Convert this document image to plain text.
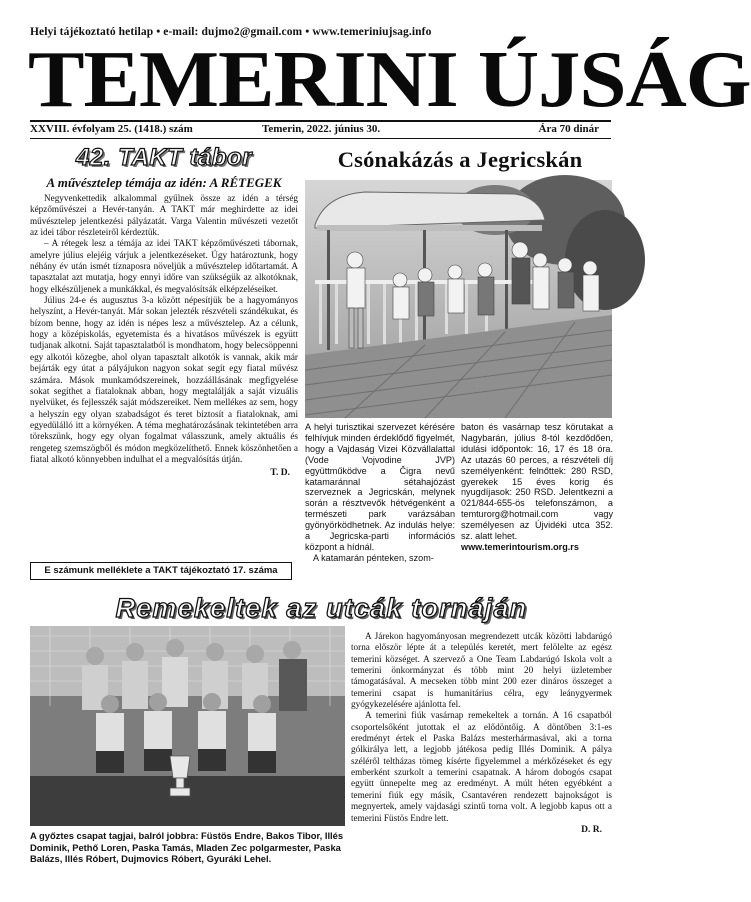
Helyi tájékoztató hetilap • e-mail: dujmo2@gmail.com • www.temeriniujsag.info
TEMERINI ÚJSÁG
XXVIII. évfolyam 25. (1418.) szám	Temerin, 2022. június 30.	Ára 70 dinár
42. TAKT tábor
A művésztelep témája az idén: A RÉTEGEK

Negyvenkettedik alkalommal gyűlnek össze az idén a térség képzőművészei a Hevér-tanyán. A TAKT már meghirdette az idei művésztelep jelentkezési pályázatát. Varga Valentin művészeti vezetőt az idei tábor részleteiről kérdeztük.

– A rétegek lesz a témája az idei TAKT képzőművészeti tábornak, amelyre július elejéig várjuk a jelentkezéseket. Úgy határoztunk, hogy néhány év után ismét tíznaposra növeljük a művésztelep időtartamát. A tapasztalat azt mutatja, hogy ennyi időre van szükségük az alkotóknak, hogy elkészüljenek a munkákkal, és megvalósítsák elképzeléseiket.

Július 24-e és augusztus 3-a között népesítjük be a hagyományos helyszínt, a Hevér-tanyát. Már sokan jelezték részvételi szándékukat, és bízom benne, hogy az idén is népes lesz a művésztelep. Az a célunk, hogy a középiskolás, egyetemista és a hivatásos művészek is együtt tudjanak alkotni. Saját tapasztalatból is mondhatom, hogy belecsöppenni egy alkotói közegbe, ahol olyan tapasztalt alkotók is vannak, akik már bejárták egy útat a pályájukon nagyon sokat segít egy fiatal művész számára. Mások munkamódszereinek, hozzáállásának megfigyelése sokat segíthet a fiataloknak abban, hogy megtalálják a saját vizuális nyelvüket, és fejlesszék saját módszereiket. Nem mellékes az sem, hogy a helyszín egy olyan szabadságot és teret biztosít a fiataloknak, ami egyedülálló itt a környéken. A téma meghatározásának tekintetében arra törekszünk, hogy egy olyan fogalmat válasszunk, amely aktuális és rengeteg szemszögből és módon megközelíthető. Ennek köszönhetően a fiatal alkotó könnyebben indulhat el a megvalósítás útján.

T. D.
E számunk melléklete a TAKT tájékoztató 17. száma
Csónakázás a Jegricskán
A helyi turisztikai szervezet kérésére felhívjuk minden érdeklődő figyelmét, hogy a Vajdaság Vizei Közvállalattal (Vode Vojvodine JVP) együttműködve a Čigra nevű katamaránnal sétahajózást szerveznek a Jegricskán, melynek során a résztvevők hétvégenként a természeti park varázsában gyönyörködhetnek. Az indulás helye: a Jegricska-parti információs központ a hídnál.
A katamarán pénteken, szom-
baton és vasárnap tesz körutakat a Nagybarán, július 8-tól kezdődően, idulási időpontok: 16, 17 és 18 óra. Az utazás 60 perces, a részvételi díj személyenként: felnőttek: 280 RSD, gyerekek 15 éves korig és nyugdíjasok: 250 RSD. Jelentkezni a 021/844-655-ös telefonszámon, a temturorg@hotmail.com vagy személyesen az Újvidéki utca 352. sz. alatt lehet.
www.temerintourism.org.rs
Remekeltek az utcák tornáján
A győztes csapat tagjai, balról jobbra: Füstös Endre, Bakos Tibor, Illés Dominik, Pethő Loren, Paska Tamás, Mladen Zec polgarmester, Paska Balázs, Illés Róbert, Dujmovics Róbert, Gyuráki Lehel.

A Járekon hagyományosan megrendezett utcák közötti labdarúgó torna először lépte át a település keretét, mert felölelte az egész temerini községet. A szervező a One Team Labdarúgó Iskola volt a temerini önkormányzat és több mint 20 helyi üzletember támogatásával. A mecseken több mint 200 ezer dináros összeget a temerini csapat is humanitárius célra, egy leánygyermek gyógykezelésére ajánlotta fel.

A temerini fiúk vasárnap remekeltek a tornán. A 16 csapatból csoportelsőként jutottak el az elődöntőig. A döntőben 3:1-es eredményt értek el Paska Balázs mesterhármasával, aki a torna gólkirálya lett, a legjobb játékosa pedig Illés Dominik. A pálya széléről teltházas tömeg kísérte figyelemmel a mérkőzéseket és egy emberként szurkolt a temerini csapatnak. A három dobogós csapat együtt ünnepelte meg az eredményt. A múlt héten egyébként a temerini fiúk egy másik, Csantavéren rendezett bajnokságot is megnyertek, amely vajdasági szintű torna volt. A legjobb kapus ott a temerini Füstös Endre lett.

D. R.
